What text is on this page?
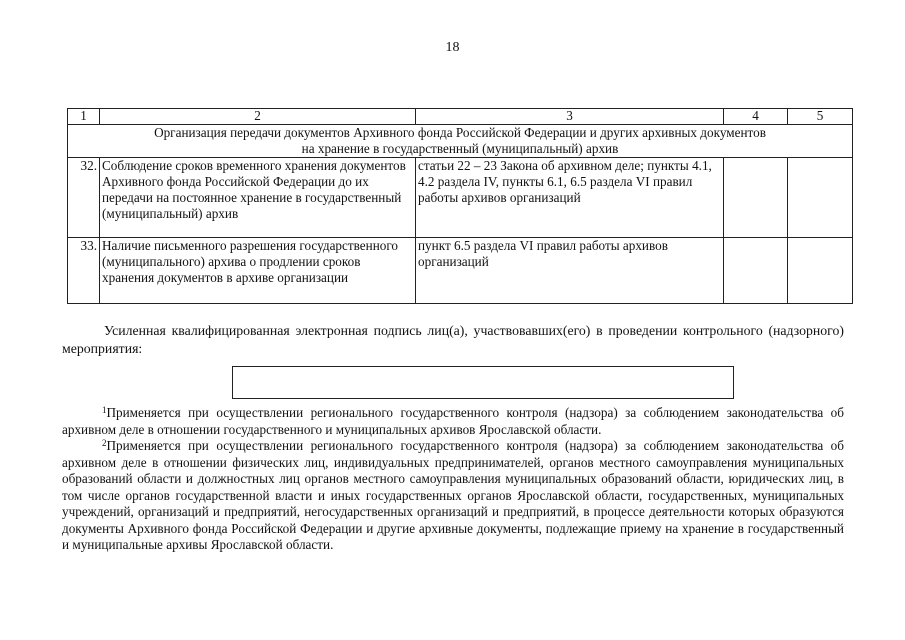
18
1	2	3	4	5

Организация передачи документов Архивного фонда Российской Федерации и других архивных документов
на хранение в государственный (муниципальный) архив				

32.	Соблюдение сроков временного хранения документов Архивного фонда Российской Федерации до их передачи на постоянное хранение в государственный (муниципальный) архив	статьи 22 – 23 Закона об архивном деле; пункты 4.1, 4.2 раздела IV, пункты 6.1, 6.5 раздела VI правил работы архивов организаций		
33.	Наличие письменного разрешения государственного (муниципального) архива о продлении сроков хранения документов в архиве организации	пункт 6.5 раздела VI правил работы архивов организаций		

Усиленная квалифицированная электронная подпись лиц(а), участвовавших(его) в проведении контрольного (надзорного) мероприятия:

$^1$Применяется при осуществлении регионального государственного контроля (надзора) за соблюдением законодательства об архивном деле в отношении государственного и муниципальных архивов Ярославской области.

$^2$Применяется при осуществлении регионального государственного контроля (надзора) за соблюдением законодательства об архивном деле в отношении физических лиц, индивидуальных предпринимателей, органов местного самоуправления муниципальных образований области и должностных лиц органов местного самоуправления муниципальных образований области, юридических лиц, в том числе органов государственной власти и иных государственных органов Ярославской области, государственных, муниципальных учреждений, организаций и предприятий, негосударственных организаций и предприятий, в процессе деятельности которых образуются документы Архивного фонда Российской Федерации и другие архивные документы, подлежащие приему на хранение в государственный и муниципальные архивы Ярославской области.
